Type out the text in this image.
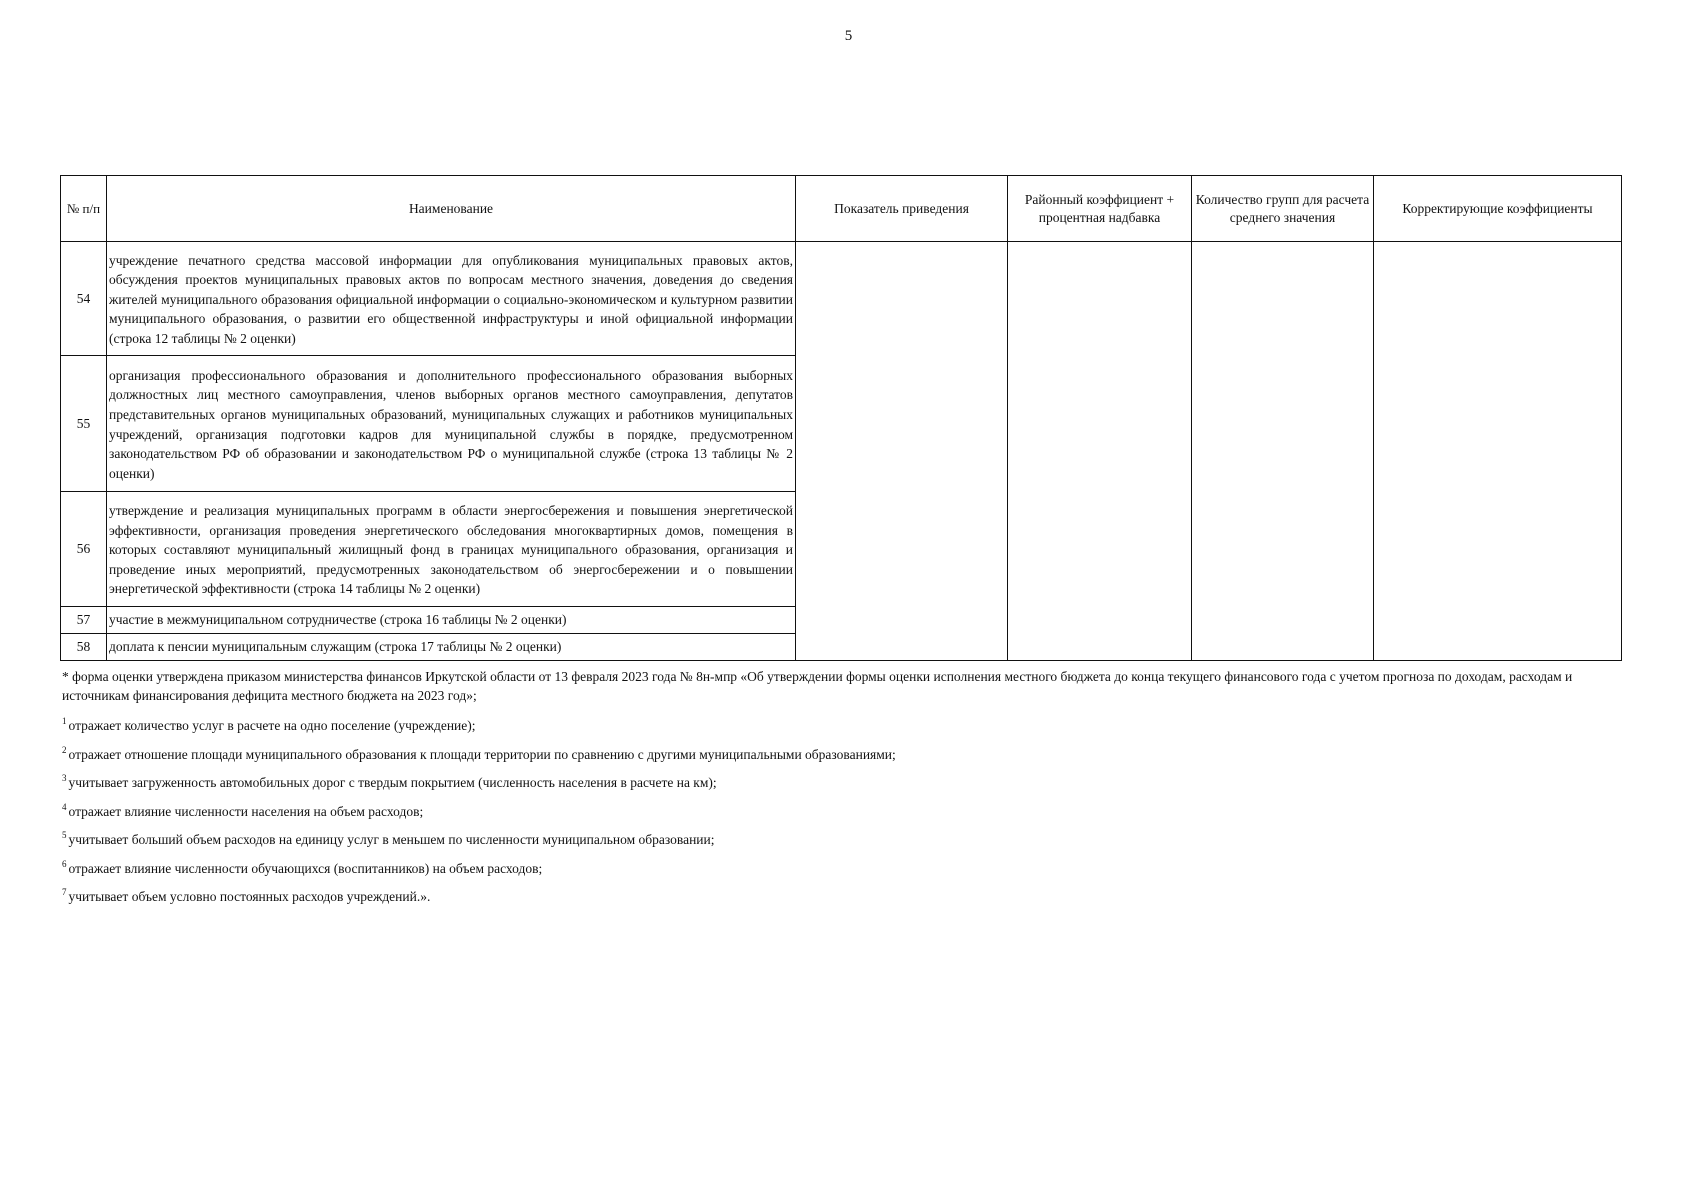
5
№ п/п	Наименование	Показатель приведения	Районный коэффициент + процентная надбавка	Количество групп для расчета среднего значения	Корректирующие коэффициенты
54	учреждение печатного средства массовой информации для опубликования муниципальных правовых актов, обсуждения проектов муниципальных правовых актов по вопросам местного значения, доведения до сведения жителей муниципального образования официальной информации о социально-экономическом и культурном развитии муниципального образования, о развитии его общественной инфраструктуры и иной официальной информации (строка 12 таблицы № 2 оценки)				
55	организация профессионального образования и дополнительного профессионального образования выборных должностных лиц местного самоуправления, членов выборных органов местного самоуправления, депутатов представительных органов муниципальных образований, муниципальных служащих и работников муниципальных учреждений, организация подготовки кадров для муниципальной службы в порядке, предусмотренном законодательством РФ об образовании и законодательством РФ о муниципальной службе (строка 13 таблицы № 2 оценки)				
56	утверждение и реализация муниципальных программ в области энергосбережения и повышения энергетической эффективности, организация проведения энергетического обследования многоквартирных домов, помещения в которых составляют муниципальный жилищный фонд в границах муниципального образования, организация и проведение иных мероприятий, предусмотренных законодательством об энергосбережении и о повышении энергетической эффективности (строка 14 таблицы № 2 оценки)				
57	участие в межмуниципальном сотрудничестве (строка 16 таблицы № 2 оценки)				
58	доплата к пенсии муниципальным служащим (строка 17 таблицы № 2 оценки)				

* форма оценки утверждена приказом министерства финансов Иркутской области от 13 февраля 2023 года № 8н-мпр «Об утверждении формы оценки исполнения местного бюджета до конца текущего финансового года с учетом прогноза по доходам, расходам и источникам финансирования дефицита местного бюджета на 2023 год»;

$^1$ отражает количество услуг в расчете на одно поселение (учреждение);

$^2$ отражает отношение площади муниципального образования к площади территории по сравнению с другими муниципальными образованиями;

$^3$ учитывает загруженность автомобильных дорог с твердым покрытием (численность населения в расчете на км);

$^4$ отражает влияние численности населения на объем расходов;

$^5$ учитывает больший объем расходов на единицу услуг в меньшем по численности муниципальном образовании;

$^6$ отражает влияние численности обучающихся (воспитанников) на объем расходов;

$^7$ учитывает объем условно постоянных расходов учреждений.».
